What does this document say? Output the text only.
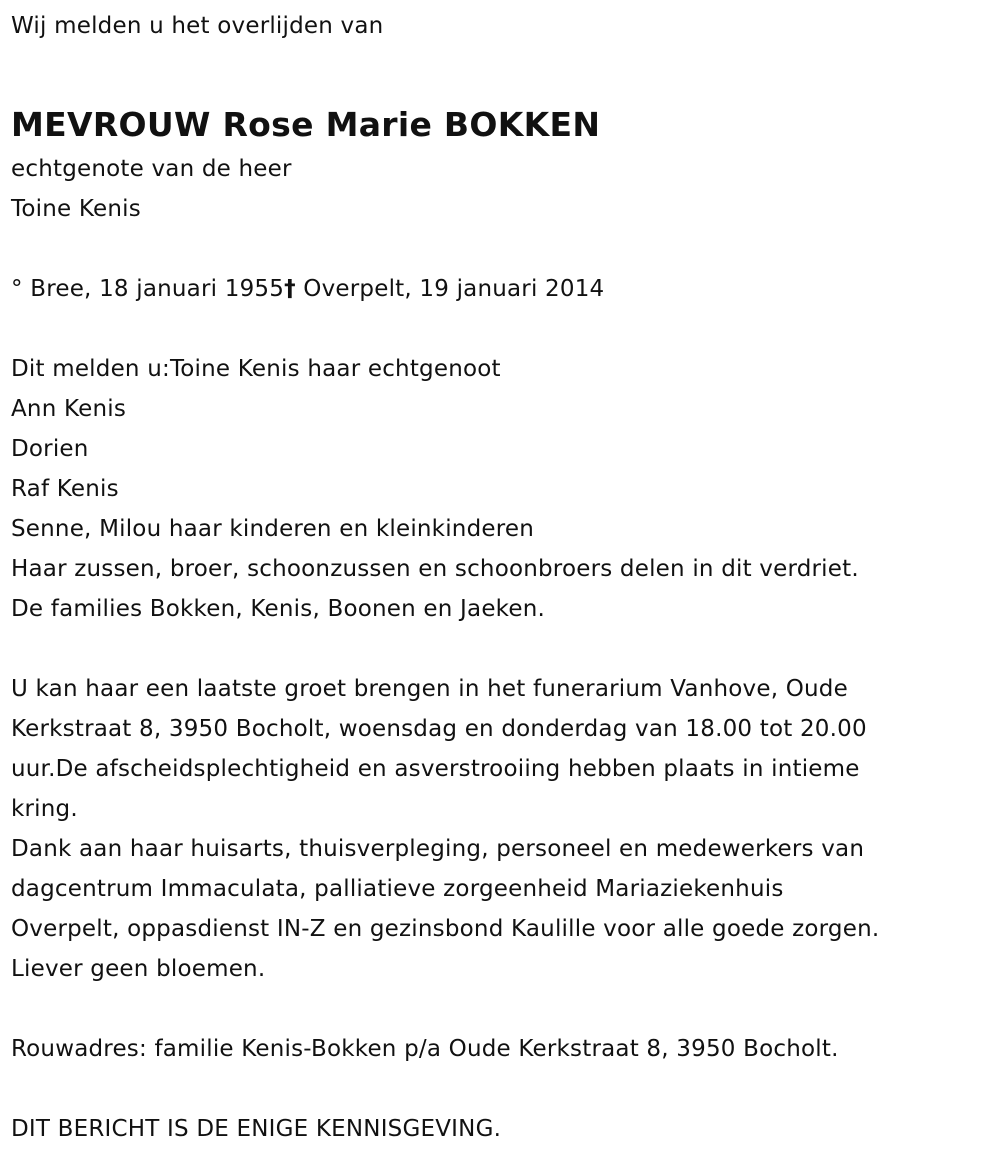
Wij melden u het overlijden van
MEVROUW Rose Marie BOKKEN
echtgenote van de heer
Toine Kenis
° Bree, 18 januari 1955† Overpelt, 19 januari 2014
Dit melden u:Toine Kenis haar echtgenoot
Ann Kenis
Dorien
Raf Kenis
Senne, Milou haar kinderen en kleinkinderen
Haar zussen, broer, schoonzussen en schoonbroers delen in dit verdriet.
De families Bokken, Kenis, Boonen en Jaeken.
U kan haar een laatste groet brengen in het funerarium Vanhove, Oude
Kerkstraat 8, 3950 Bocholt, woensdag en donderdag van 18.00 tot 20.00
uur.De afscheidsplechtigheid en asverstrooiing hebben plaats in intieme
kring.
Dank aan haar huisarts, thuisverpleging, personeel en medewerkers van
dagcentrum Immaculata, palliatieve zorgeenheid Mariaziekenhuis
Overpelt, oppasdienst IN-Z en gezinsbond Kaulille voor alle goede zorgen.
Liever geen bloemen.
Rouwadres: familie Kenis-Bokken p/a Oude Kerkstraat 8, 3950 Bocholt.
DIT BERICHT IS DE ENIGE KENNISGEVING.
